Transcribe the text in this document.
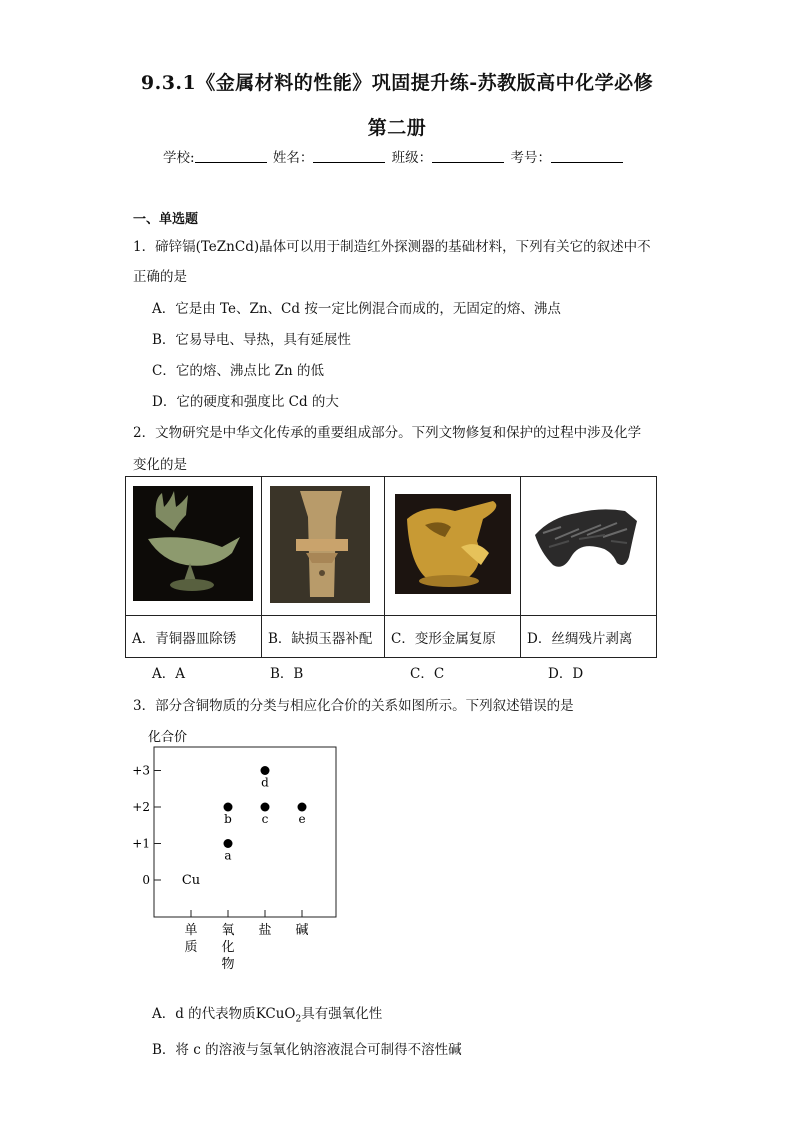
9.3.1《金属材料的性能》巩固提升练-苏教版高中化学必修
第二册
学校:	姓名：	班级：	考号：
一、单选题
1．碲锌镉(TeZnCd)晶体可以用于制造红外探测器的基础材料，下列有关它的叙述中不
正确的是
A．它是由 Te、Zn、Cd 按一定比例混合而成的，无固定的熔、沸点
B．它易导电、导热，具有延展性
C．它的熔、沸点比 Zn 的低
D．它的硬度和强度比 Cd 的大
2．文物研究是中华文化传承的重要组成部分。下列文物修复和保护的过程中涉及化学
变化的是

A．青铜器皿除锈	B．缺损玉器补配	C．变形金属复原	D．丝绸残片剥离
A．A	B．B	C．C	D．D
3．部分含铜物质的分类与相应化合价的关系如图所示。下列叙述错误的是
化合价
+3
+2
+1
0
单
质
氧
化
物
盐 碱
Cu
a
b c
d
e
A．d 的代表物质KCuO$_2$具有强氧化性
B．将 c 的溶液与氢氧化钠溶液混合可制得不溶性碱
